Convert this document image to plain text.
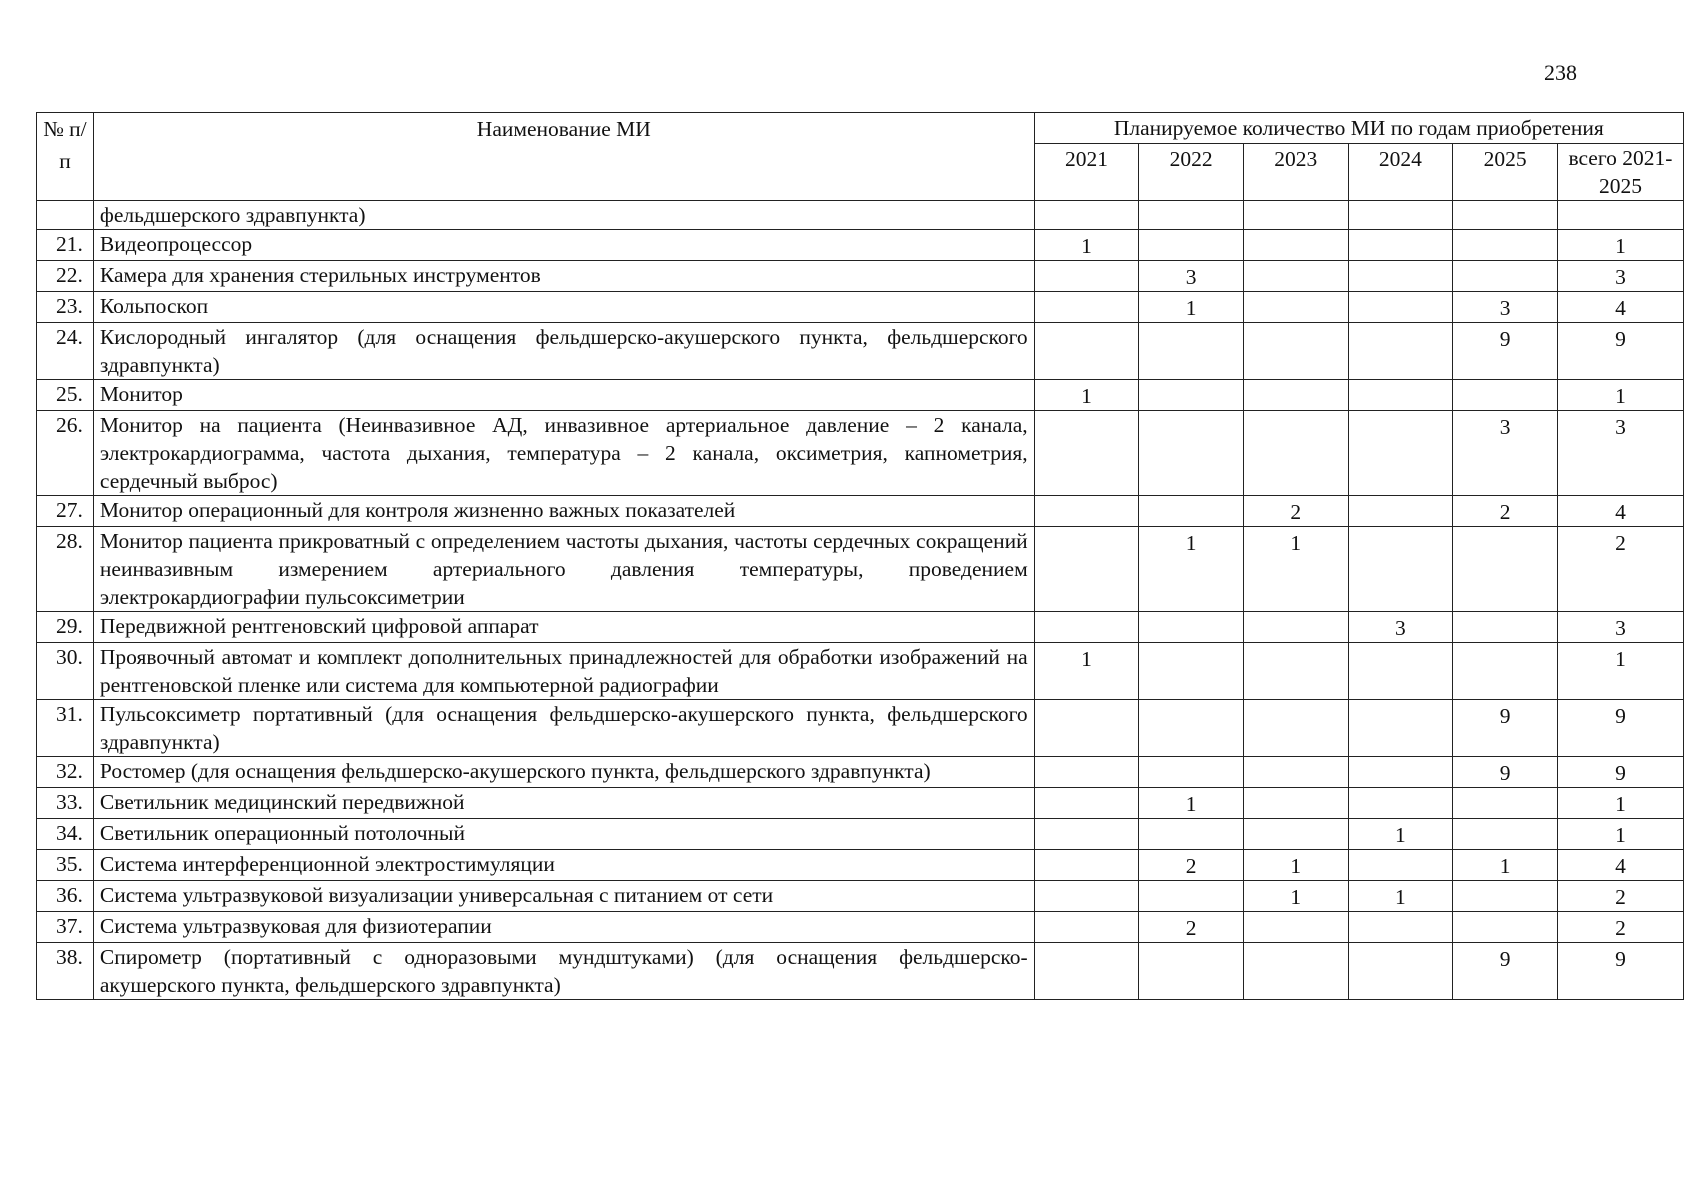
238
№ п/п	Наименование МИ	Планируемое количество МИ по годам приобретения					
		2021	2022	2023	2024	2025	всего 2021-2025
	фельдшерского здравпункта)						
21.	Видеопроцессор	1					1
22.	Камера для хранения стерильных инструментов		3				3
23.	Кольпоскоп		1			3	4
24.	Кислородный ингалятор (для оснащения фельдшерско-акушерского пункта, фельдшерского здравпункта)					9	9
25.	Монитор	1					1
26.	Монитор на пациента (Неинвазивное АД, инвазивное артериальное давление – 2 канала, электрокардиограмма, частота дыхания, температура – 2 канала, оксиметрия, капнометрия, сердечный выброс)					3	3
27.	Монитор операционный для контроля жизненно важных показателей			2		2	4
28.	Монитор пациента прикроватный с определением частоты дыхания, частоты сердечных сокращений неинвазивным измерением артериального давления температуры, проведением электрокардиографии пульсоксиметрии		1	1			2
29.	Передвижной рентгеновский цифровой аппарат				3		3
30.	Проявочный автомат и комплект дополнительных принадлежностей для обработки изображений на рентгеновской пленке или система для компьютерной радиографии	1					1
31.	Пульсоксиметр портативный (для оснащения фельдшерско-акушерского пункта, фельдшерского здравпункта)					9	9
32.	Ростомер (для оснащения фельдшерско-акушерского пункта, фельдшерского здравпункта)					9	9
33.	Светильник медицинский передвижной		1				1
34.	Светильник операционный потолочный				1		1
35.	Система интерференционной электростимуляции		2	1		1	4
36.	Система ультразвуковой визуализации универсальная с питанием от сети			1	1		2
37.	Система ультразвуковая для физиотерапии		2				2
38.	Спирометр (портативный с одноразовыми мундштуками) (для оснащения фельдшерско-акушерского пункта, фельдшерского здравпункта)					9	9
